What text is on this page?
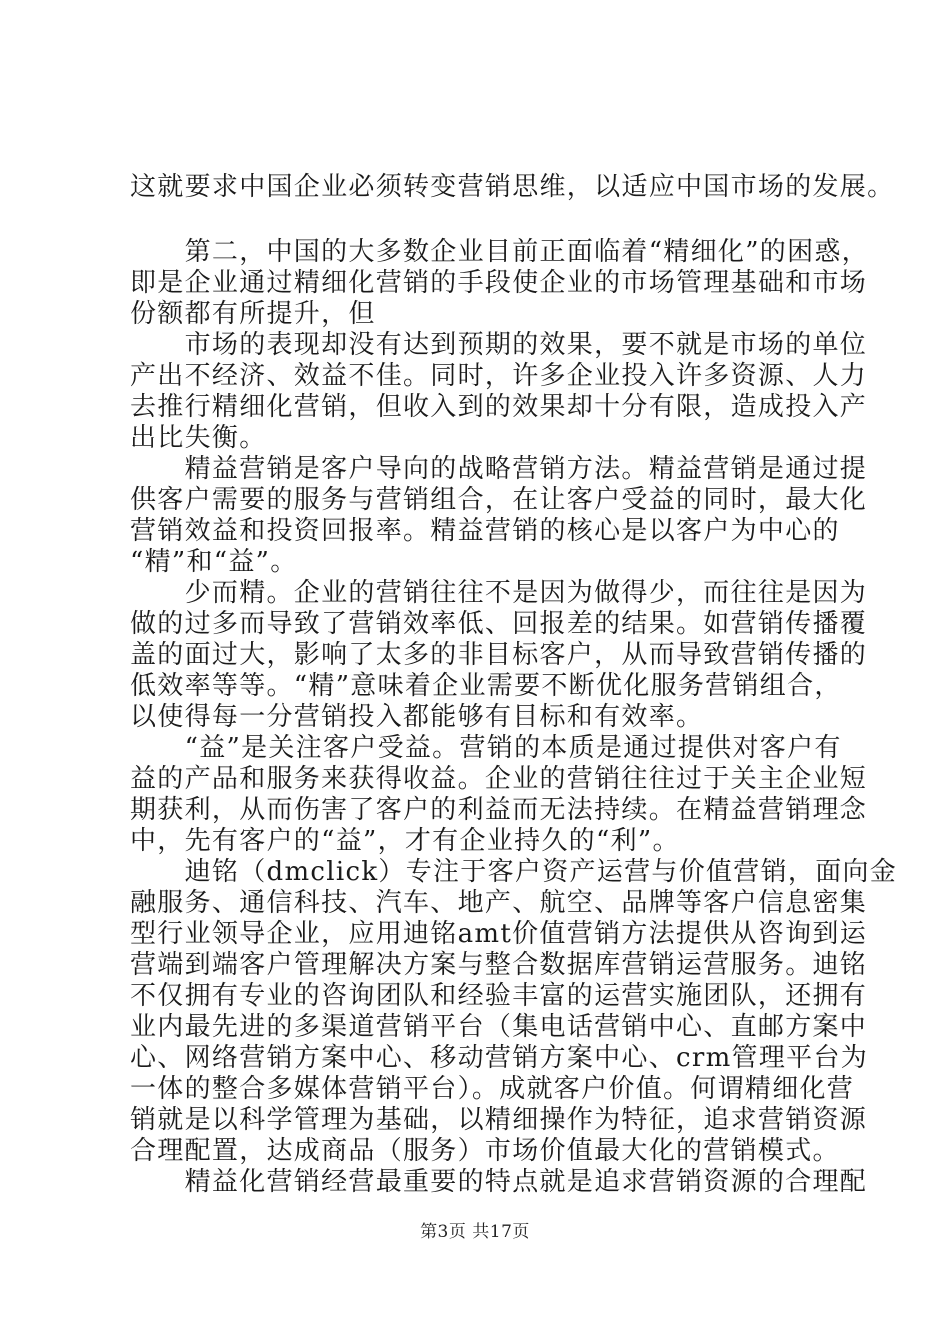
这就要求中国企业必须转变营销思维，以适应中国市场的发展。
　　第二，中国的大多数企业目前正面临着“精细化”的困惑，
即是企业通过精细化营销的手段使企业的市场管理基础和市场
份额都有所提升，但
　　市场的表现却没有达到预期的效果，要不就是市场的单位
产出不经济、效益不佳。同时，许多企业投入许多资源、人力
去推行精细化营销，但收入到的效果却十分有限，造成投入产
出比失衡。
　　精益营销是客户导向的战略营销方法。精益营销是通过提
供客户需要的服务与营销组合，在让客户受益的同时，最大化
营销效益和投资回报率。精益营销的核心是以客户为中心的
“精”和“益”。
　　少而精。企业的营销往往不是因为做得少，而往往是因为
做的过多而导致了营销效率低、回报差的结果。如营销传播覆
盖的面过大，影响了太多的非目标客户，从而导致营销传播的
低效率等等。“精”意味着企业需要不断优化服务营销组合，
以使得每一分营销投入都能够有目标和有效率。
　　“益”是关注客户受益。营销的本质是通过提供对客户有
益的产品和服务来获得收益。企业的营销往往过于关主企业短
期获利，从而伤害了客户的利益而无法持续。在精益营销理念
中，先有客户的“益”，才有企业持久的“利”。
　　迪铭（dmclick）专注于客户资产运营与价值营销，面向金
融服务、通信科技、汽车、地产、航空、品牌等客户信息密集
型行业领导企业，应用迪铭amt价值营销方法提供从咨询到运
营端到端客户管理解决方案与整合数据库营销运营服务。迪铭
不仅拥有专业的咨询团队和经验丰富的运营实施团队，还拥有
业内最先进的多渠道营销平台（集电话营销中心、直邮方案中
心、网络营销方案中心、移动营销方案中心、crm管理平台为
一体的整合多媒体营销平台）。成就客户价值。何谓精细化营
销就是以科学管理为基础，以精细操作为特征，追求营销资源
合理配置，达成商品（服务）市场价值最大化的营销模式。
　　精益化营销经营最重要的特点就是追求营销资源的合理配
第3页 共17页
